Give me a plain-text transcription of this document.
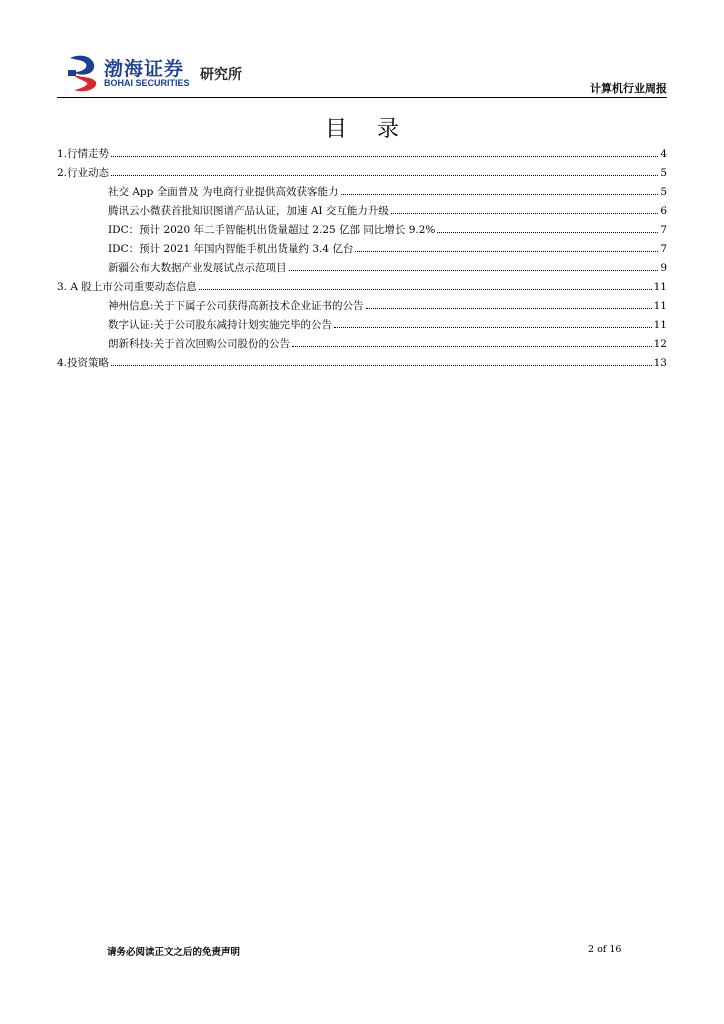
渤海证券
BOHAI SECURITIES 研究所
计算机行业周报
目录
1.行情走势	4
2.行业动态	5
社交 App 全面普及 为电商行业提供高效获客能力	5
腾讯云小微获首批知识图谱产品认证，加速 AI 交互能力升级	6
IDC：预计 2020 年二手智能机出货量超过 2.25 亿部 同比增长 9.2%	7
IDC：预计 2021 年国内智能手机出货量约 3.4 亿台	7
新疆公布大数据产业发展试点示范项目	9
3. A 股上市公司重要动态信息	11
神州信息:关于下属子公司获得高新技术企业证书的公告	11
数字认证:关于公司股东减持计划实施完毕的公告	11
朗新科技:关于首次回购公司股份的公告	12
4.投资策略	13
请务必阅读正文之后的免责声明	2 of 16
